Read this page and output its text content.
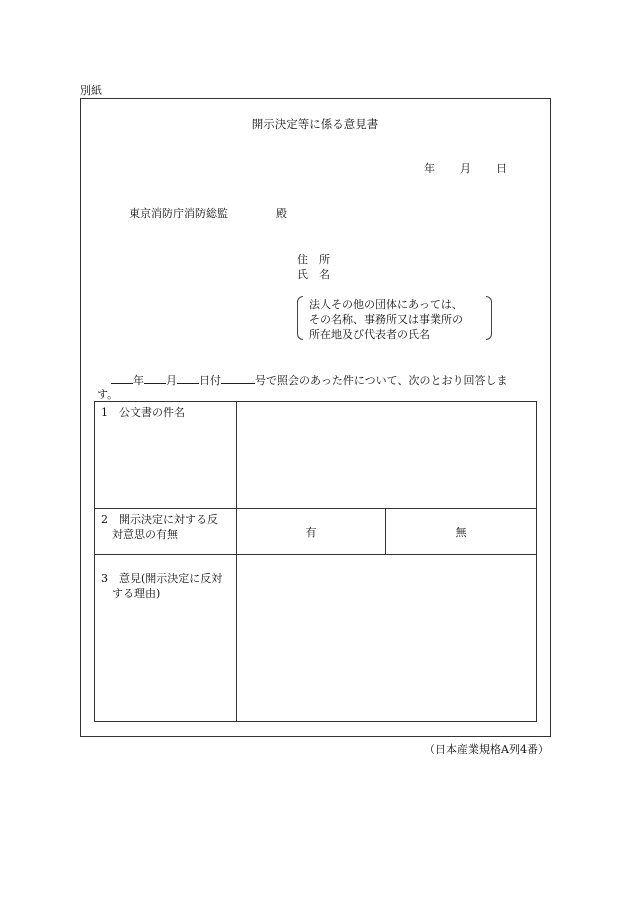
別紙
開示決定等に係る意見書
年 月 日
東京消防庁消防総監	殿
住　所
氏　名
法人その他の団体にあっては、
その名称、事務所又は事業所の
所在地及び代表者の氏名
年 月 日付	号で照会のあった件について、次のとおり回答しま
す。
1　公文書の件名		

2　開示決定に対する反
　対意思の有無	有	無

3　意見(開示決定に反対
　する理由)		

（日本産業規格A列4番）
